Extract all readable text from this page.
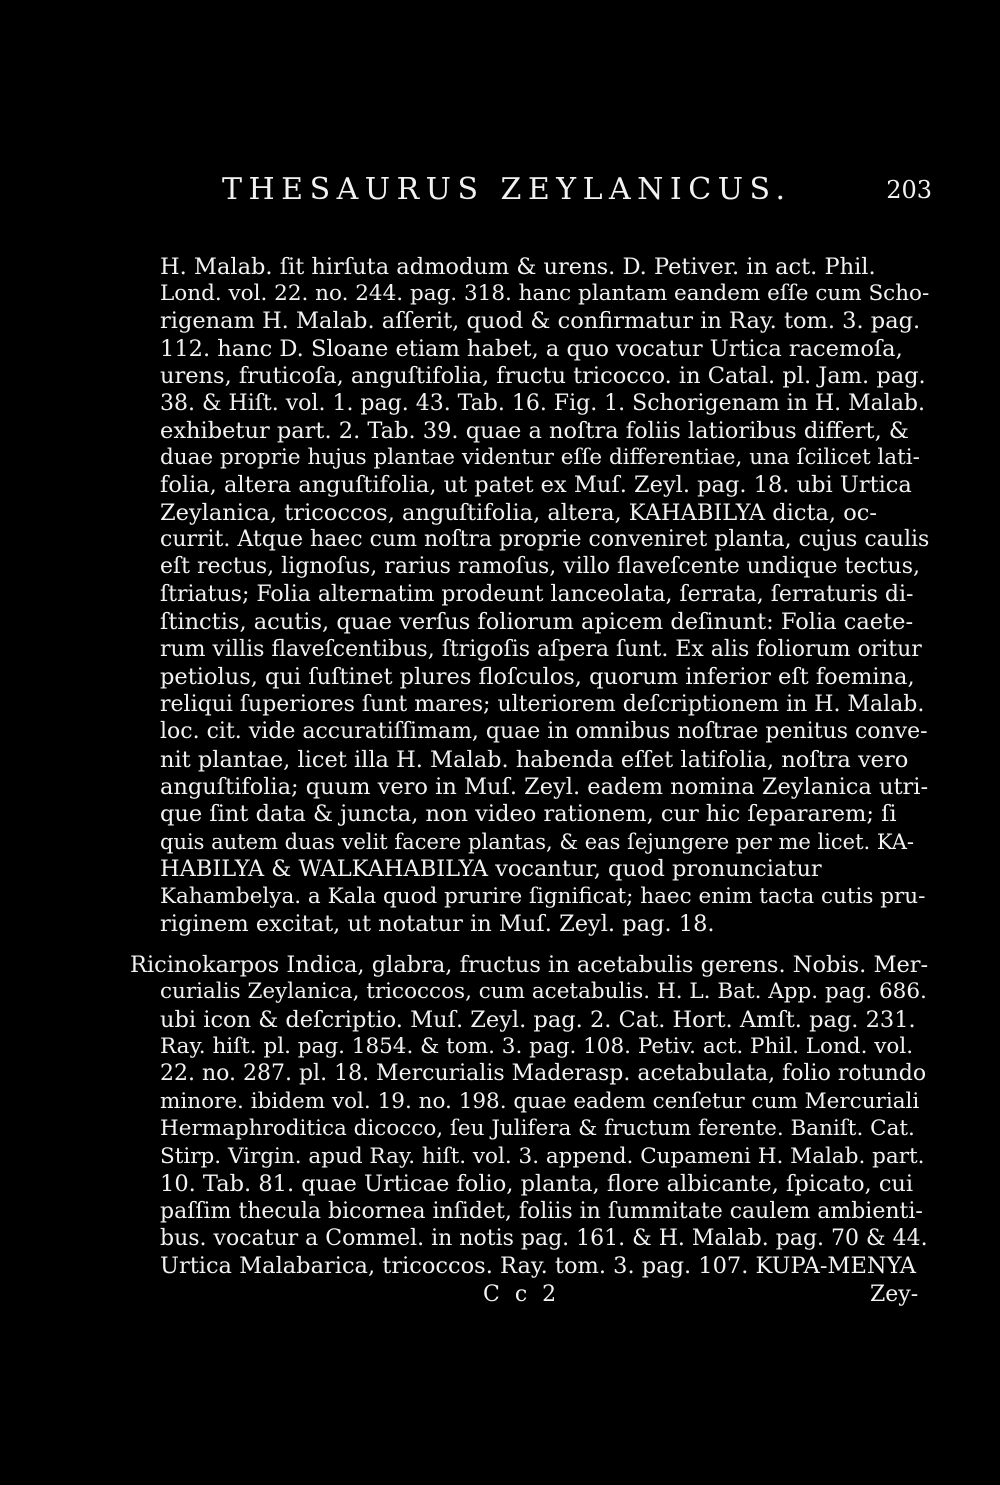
THESAURUS ZEYLANICUS.	203
H. Malab. ſit hirſuta admodum & urens. D. Petiver. in act. Phil.
Lond. vol. 22. no. 244. pag. 318. hanc plantam eandem eſſe cum Scho-
rigenam H. Malab. aſſerit, quod & confirmatur in Ray. tom. 3. pag.
112. hanc D. Sloane etiam habet, a quo vocatur Urtica racemoſa,
urens, fruticoſa, anguſtifolia, fructu tricocco. in Catal. pl. Jam. pag.
38. & Hiſt. vol. 1. pag. 43. Tab. 16. Fig. 1. Schorigenam in H. Malab.
exhibetur part. 2. Tab. 39. quae a noſtra foliis latioribus differt, &
duae proprie hujus plantae videntur eſſe differentiae, una ſcilicet lati-
folia, altera anguſtifolia, ut patet ex Muſ. Zeyl. pag. 18. ubi Urtica
Zeylanica, tricoccos, anguſtifolia, altera, KAHABILYA dicta, oc-
currit. Atque haec cum noſtra proprie conveniret planta, cujus caulis
eſt rectus, lignoſus, rarius ramoſus, villo flaveſcente undique tectus,
ſtriatus; Folia alternatim prodeunt lanceolata, ſerrata, ſerraturis di-
ſtinctis, acutis, quae verſus foliorum apicem deſinunt: Folia caete-
rum villis flaveſcentibus, ſtrigoſis aſpera ſunt. Ex alis foliorum oritur
petiolus, qui ſuſtinet plures floſculos, quorum inferior eſt foemina,
reliqui ſuperiores ſunt mares; ulteriorem deſcriptionem in H. Malab.
loc. cit. vide accuratiſſimam, quae in omnibus noſtrae penitus conve-
nit plantae, licet illa H. Malab. habenda eſſet latifolia, noſtra vero
anguſtifolia; quum vero in Muſ. Zeyl. eadem nomina Zeylanica utri-
que ſint data & juncta, non video rationem, cur hic ſepararem; ſi
quis autem duas velit facere plantas, & eas ſejungere per me licet. KA-
HABILYA & WALKAHABILYA vocantur, quod pronunciatur
Kahambelya. a Kala quod prurire ſignificat; haec enim tacta cutis pru-
riginem excitat, ut notatur in Muſ. Zeyl. pag. 18.
Ricinokarpos Indica, glabra, fructus in acetabulis gerens. Nobis. Mer-
curialis Zeylanica, tricoccos, cum acetabulis. H. L. Bat. App. pag. 686.
ubi icon & deſcriptio. Muſ. Zeyl. pag. 2. Cat. Hort. Amſt. pag. 231.
Ray. hiſt. pl. pag. 1854. & tom. 3. pag. 108. Petiv. act. Phil. Lond. vol.
22. no. 287. pl. 18. Mercurialis Maderasp. acetabulata, folio rotundo
minore. ibidem vol. 19. no. 198. quae eadem cenſetur cum Mercuriali
Hermaphroditica dicocco, ſeu Julifera & fructum ferente. Baniſt. Cat.
Stirp. Virgin. apud Ray. hiſt. vol. 3. append. Cupameni H. Malab. part.
10. Tab. 81. quae Urticae folio, planta, flore albicante, ſpicato, cui
paſſim thecula bicornea inſidet, foliis in ſummitate caulem ambienti-
bus. vocatur a Commel. in notis pag. 161. & H. Malab. pag. 70 & 44.
Urtica Malabarica, tricoccos. Ray. tom. 3. pag. 107. KUPA-MENYA
C c 2	Zey-
